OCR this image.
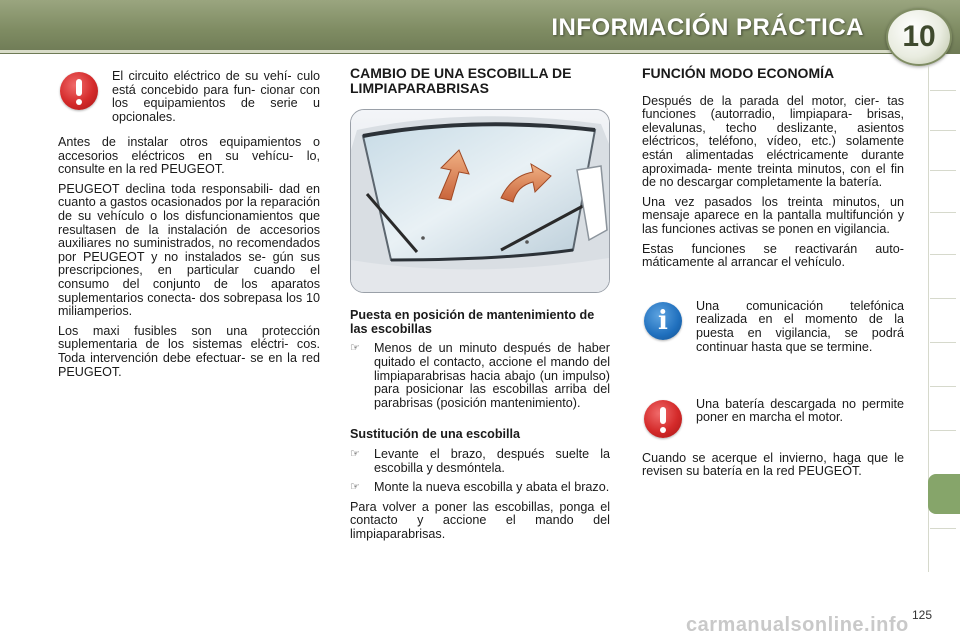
INFORMACIÓN PRÁCTICA	10

El circuito eléctrico de su vehí- culo está concebido para fun- cionar con los equipamientos de serie u opcionales.

Antes de instalar otros equipamientos o accesorios eléctricos en su vehícu- lo, consulte en la red PEUGEOT.

PEUGEOT declina toda responsabili- dad en cuanto a gastos ocasionados por la reparación de su vehículo o los disfuncionamientos que resultasen de la instalación de accesorios auxiliares no suministrados, no recomendados por PEUGEOT y no instalados se- gún sus prescripciones, en particular cuando el consumo del conjunto de los aparatos suplementarios conecta- dos sobrepasa los 10 miliamperios.

Los maxi fusibles son una protección suplementaria de los sistemas eléctri- cos. Toda intervención debe efectuar- se en la red PEUGEOT.

CAMBIO DE UNA ESCOBILLA DE LIMPIAPARABRISAS
Puesta en posición de mantenimiento de las escobillas
☞ Menos de un minuto después de haber quitado el contacto, accione el mando del limpiaparabrisas hacia abajo (un impulso) para posicionar las escobillas arriba del parabrisas (posición mantenimiento).
Sustitución de una escobilla
☞ Levante el brazo, después suelte la escobilla y desmóntela.
☞ Monte la nueva escobilla y abata el brazo.

Para volver a poner las escobillas, ponga el contacto y accione el mando del limpiaparabrisas.

FUNCIÓN MODO ECONOMÍA

Después de la parada del motor, cier- tas funciones (autorradio, limpiapara- brisas, elevalunas, techo deslizante, asientos eléctricos, teléfono, vídeo, etc.) solamente están alimentadas eléctricamente durante aproximada- mente treinta minutos, con el fin de no descargar completamente la batería.

Una vez pasados los treinta minutos, un mensaje aparece en la pantalla multifunción y las funciones activas se ponen en vigilancia.

Estas funciones se reactivarán auto- máticamente al arrancar el vehículo.

i	Una comunicación telefónica realizada en el momento de la puesta en vigilancia, se podrá continuar hasta que se termine.

Una batería descargada no permite poner en marcha el motor.

Cuando se acerque el invierno, haga que le revisen su batería en la red PEUGEOT.

carmanualsonline.info 125
